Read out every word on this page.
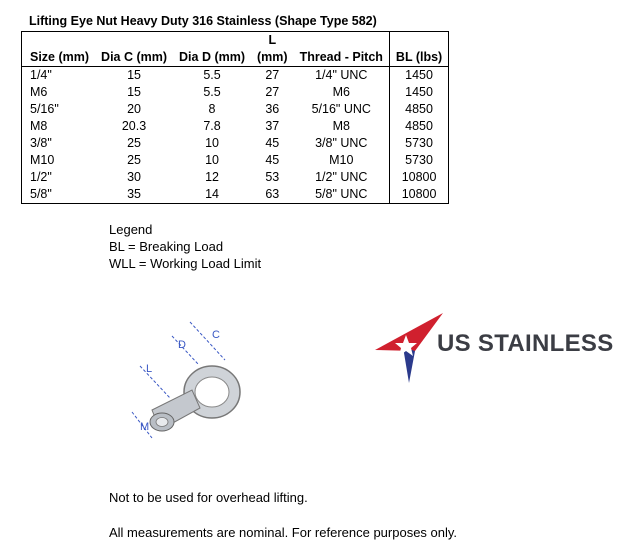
Lifting Eye Nut Heavy Duty 316 Stainless (Shape Type 582)
Size (mm)	Dia C (mm)	Dia D (mm)	L
(mm)	Thread - Pitch	BL (lbs)
1/4"	15	5.5	27	1/4" UNC	1450
M6	15	5.5	27	M6	1450
5/16"	20	8	36	5/16" UNC	4850
M8	20.3	7.8	37	M8	4850
3/8"	25	10	45	3/8" UNC	5730
M10	25	10	45	M10	5730
1/2"	30	12	53	1/2" UNC	10800
5/8"	35	14	63	5/8" UNC	10800
Legend
BL = Breaking Load
WLL = Working Load Limit
C
D
L
M
US STAINLESS
Not to be used for overhead lifting.
All measurements are nominal. For reference purposes only.
